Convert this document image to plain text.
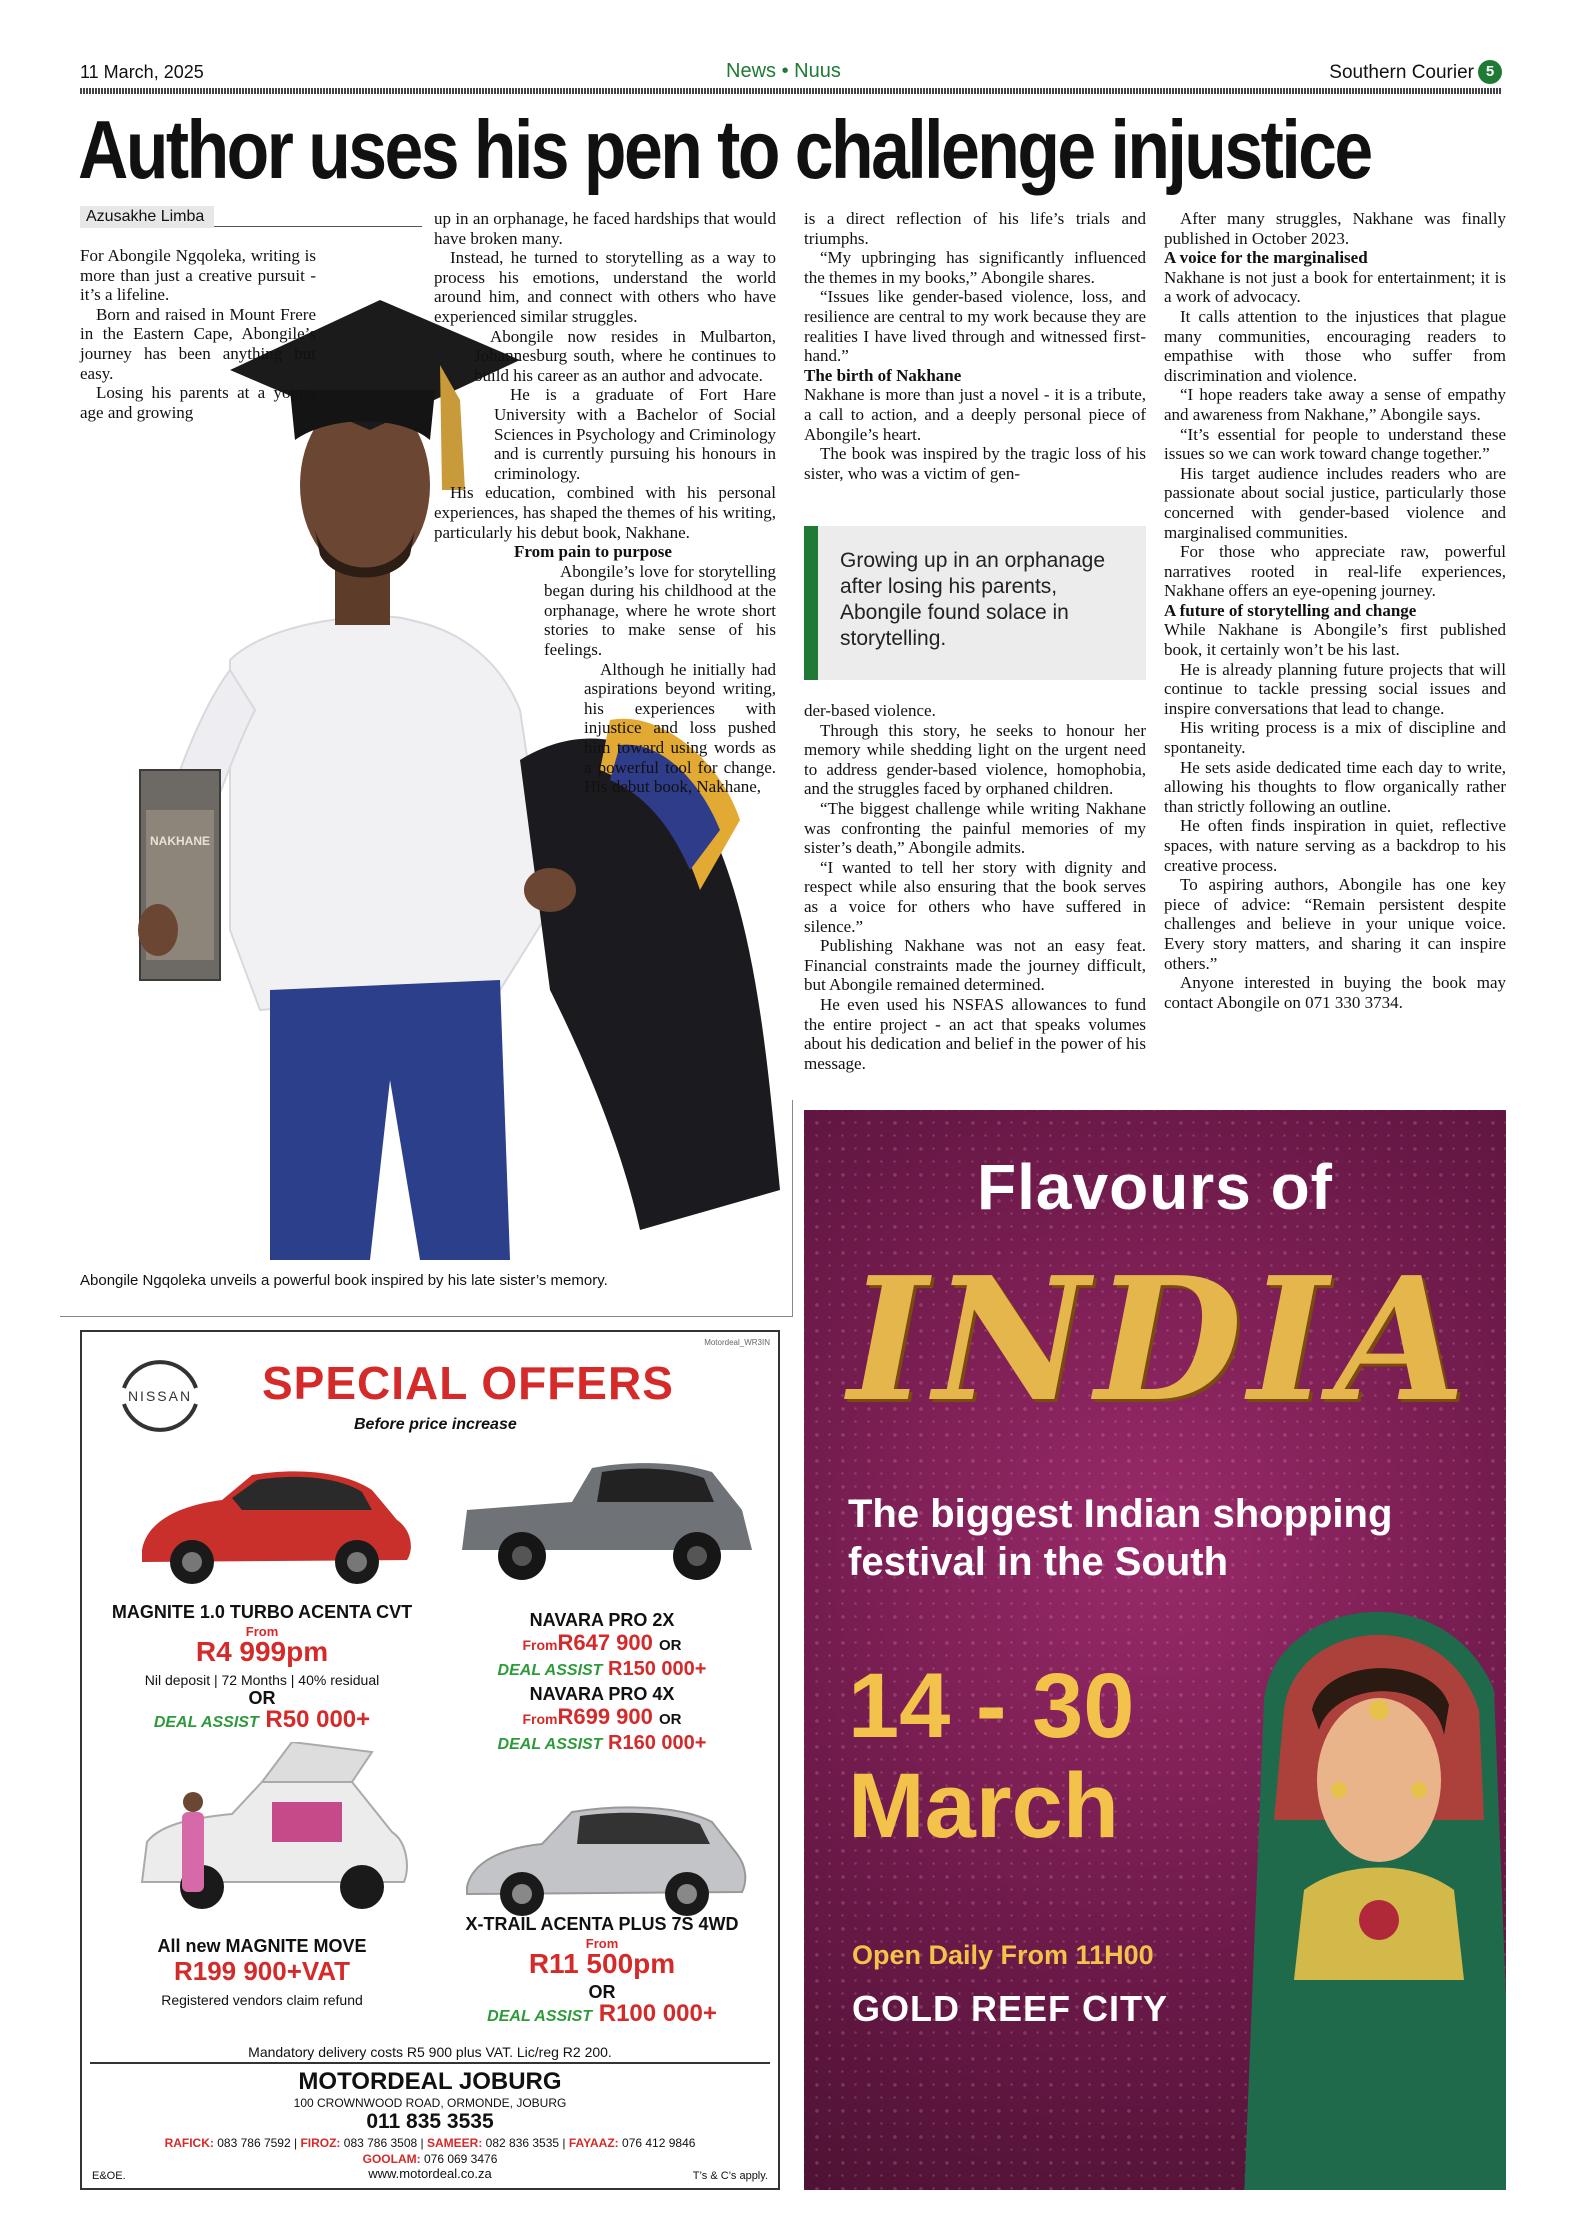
11 March, 2025	News • Nuus	Southern Courier 5
Author uses his pen to challenge injustice
Azusakhe Limba
NAKHANE

For Abongile Ngqoleka, writing is more than just a creative pursuit - it’s a lifeline.

Born and raised in Mount Frere in the Eastern Cape, Abongile’s journey has been anything but easy.

Losing his parents at a young age and growing

up in an orphanage, he faced hardships that would have broken many.

Instead, he turned to storytelling as a way to process his emotions, understand the world around him, and connect with others who have experienced similar struggles.

Abongile now resides in Mulbarton, Johannesburg south, where he continues to build his career as an author and advocate.

He is a graduate of Fort Hare University with a Bachelor of Social Sciences in Psychology and Criminology and is currently pursuing his honours in criminology.

His education, combined with his personal experiences, has shaped the themes of his writing, particularly his debut book, Nakhane.

From pain to purpose

Abongile’s love for storytelling began during his childhood at the orphanage, where he wrote short stories to make sense of his feelings.

Although he initially had aspirations beyond writing, his experiences with injustice and loss pushed him toward using words as a powerful tool for change. His debut book, Nakhane,

is a direct reflection of his life’s trials and triumphs.

“My upbringing has significantly influenced the themes in my books,” Abongile shares.

“Issues like gender-based violence, loss, and resilience are central to my work because they are realities I have lived through and witnessed first-hand.”

The birth of Nakhane

Nakhane is more than just a novel - it is a tribute, a call to action, and a deeply personal piece of Abongile’s heart.

The book was inspired by the tragic loss of his sister, who was a victim of gen-

Growing up in an orphanage after losing his parents, Abongile found solace in storytelling.

der-based violence.

Through this story, he seeks to honour her memory while shedding light on the urgent need to address gender-based violence, homophobia, and the struggles faced by orphaned children.

“The biggest challenge while writing Nakhane was confronting the painful memories of my sister’s death,” Abongile admits.

“I wanted to tell her story with dignity and respect while also ensuring that the book serves as a voice for others who have suffered in silence.”

Publishing Nakhane was not an easy feat. Financial constraints made the journey difficult, but Abongile remained determined.

He even used his NSFAS allowances to fund the entire project - an act that speaks volumes about his dedication and belief in the power of his message.

After many struggles, Nakhane was finally published in October 2023.

A voice for the marginalised

Nakhane is not just a book for entertainment; it is a work of advocacy.

It calls attention to the injustices that plague many communities, encouraging readers to empathise with those who suffer from discrimination and violence.

“I hope readers take away a sense of empathy and awareness from Nakhane,” Abongile says.

“It’s essential for people to understand these issues so we can work toward change together.”

His target audience includes readers who are passionate about social justice, particularly those concerned with gender-based violence and marginalised communities.

For those who appreciate raw, powerful narratives rooted in real-life experiences, Nakhane offers an eye-opening journey.

A future of storytelling and change

While Nakhane is Abongile’s first published book, it certainly won’t be his last.

He is already planning future projects that will continue to tackle pressing social issues and inspire conversations that lead to change.

His writing process is a mix of discipline and spontaneity.

He sets aside dedicated time each day to write, allowing his thoughts to flow organically rather than strictly following an outline.

He often finds inspiration in quiet, reflective spaces, with nature serving as a backdrop to his creative process.

To aspiring authors, Abongile has one key piece of advice: “Remain persistent despite challenges and believe in your unique voice. Every story matters, and sharing it can inspire others.”

Anyone interested in buying the book may contact Abongile on 071 330 3734.

Abongile Ngqoleka unveils a powerful book inspired by his late sister’s memory.
Motordeal_WR3IN
NISSAN SPECIAL OFFERS
Before price increase
MAGNITE 1.0 TURBO ACENTA CVT
From
R4 999pm
Nil deposit | 72 Months | 40% residual
OR
DEAL ASSIST R50 000+
NAVARA PRO 2X
FromR647 900 OR
DEAL ASSIST R150 000+
NAVARA PRO 4X
FromR699 900 OR
DEAL ASSIST R160 000+
All new MAGNITE MOVE
R199 900+VAT
Registered vendors claim refund
X-TRAIL ACENTA PLUS 7S 4WD
From
R11 500pm
OR
DEAL ASSIST R100 000+
Mandatory delivery costs R5 900 plus VAT. Lic/reg R2 200.
MOTORDEAL JOBURG
100 CROWNWOOD ROAD, ORMONDE, JOBURG
011 835 3535
RAFICK: 083 786 7592 | FIROZ: 083 786 3508 | SAMEER: 082 836 3535 | FAYAAZ: 076 412 9846
GOOLAM: 076 069 3476
www.motordeal.co.za
E&OE.	T’s & C’s apply.
Flavours of
INDIA
The biggest Indian shopping festival in the South
14 - 30
March
Open Daily From 11H00
GOLD REEF CITY
